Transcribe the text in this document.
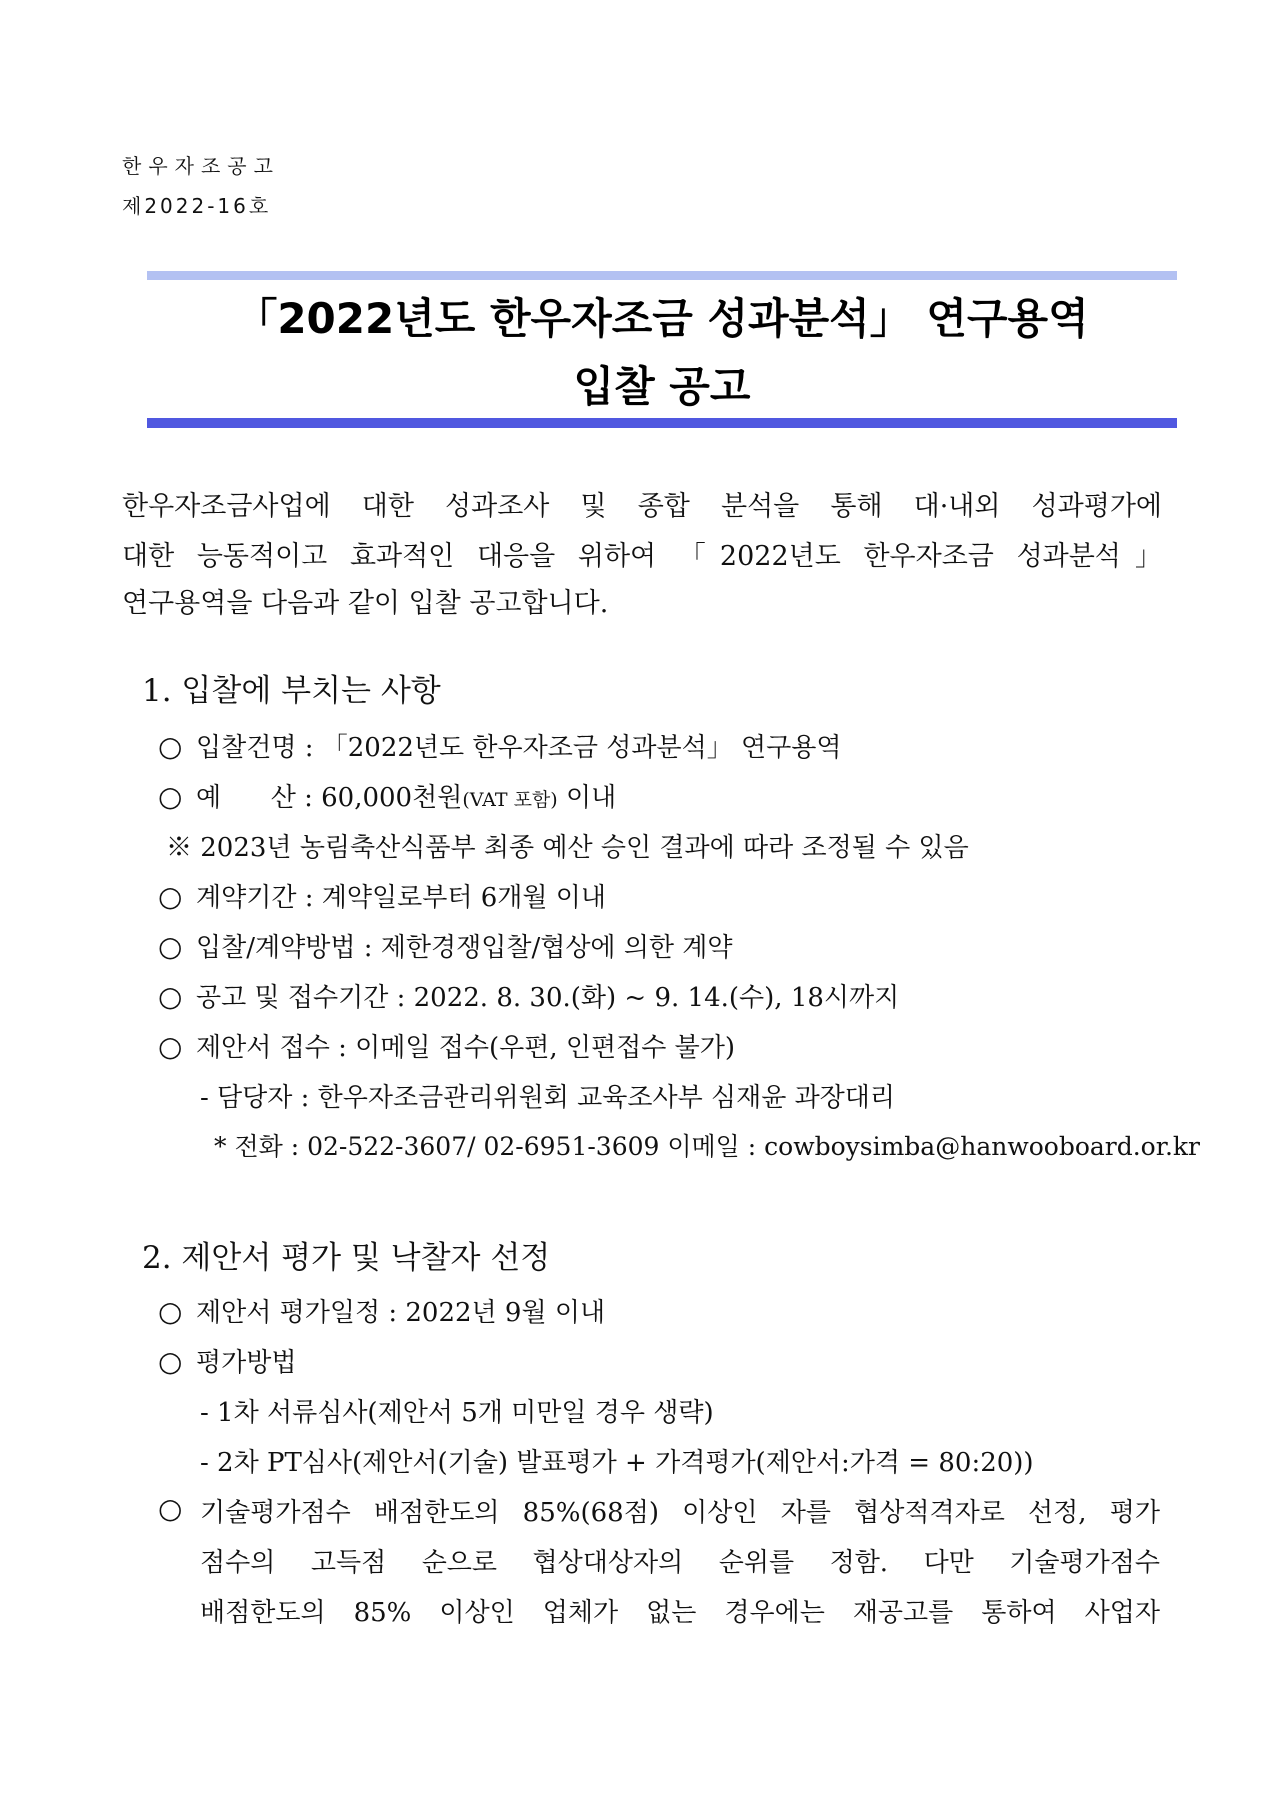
한우자조공고
제2022-16호
「2022년도 한우자조금 성과분석」 연구용역
입찰 공고
한우자조금사업에 대한 성과조사 및 종합 분석을 통해 대·내외 성과평가에
대한 능동적이고 효과적인 대응을 위하여 「2022년도 한우자조금 성과분석」
연구용역을 다음과 같이 입찰 공고합니다.
1. 입찰에 부치는 사항
○ 입찰건명 : 「2022년도 한우자조금 성과분석」 연구용역
○ 예      산 : 60,000천원(VAT 포함) 이내
※ 2023년 농림축산식품부 최종 예산 승인 결과에 따라 조정될 수 있음
○ 계약기간 : 계약일로부터 6개월 이내
○ 입찰/계약방법 : 제한경쟁입찰/협상에 의한 계약
○ 공고 및 접수기간 : 2022. 8. 30.(화) ~ 9. 14.(수), 18시까지
○ 제안서 접수 : 이메일 접수(우편, 인편접수 불가)
- 담당자 : 한우자조금관리위원회 교육조사부 심재윤 과장대리
* 전화 : 02-522-3607/ 02-6951-3609 이메일 : cowboysimba@hanwooboard.or.kr
2. 제안서 평가 및 낙찰자 선정
○ 제안서 평가일정 : 2022년 9월 이내
○ 평가방법
- 1차 서류심사(제안서 5개 미만일 경우 생략)
- 2차 PT심사(제안서(기술) 발표평가 + 가격평가(제안서:가격 = 80:20))
○ 기술평가점수 배점한도의 85%(68점) 이상인 자를 협상적격자로 선정, 평가
점수의 고득점 순으로 협상대상자의 순위를 정함. 다만 기술평가점수
배점한도의 85% 이상인 업체가 없는 경우에는 재공고를 통하여 사업자
